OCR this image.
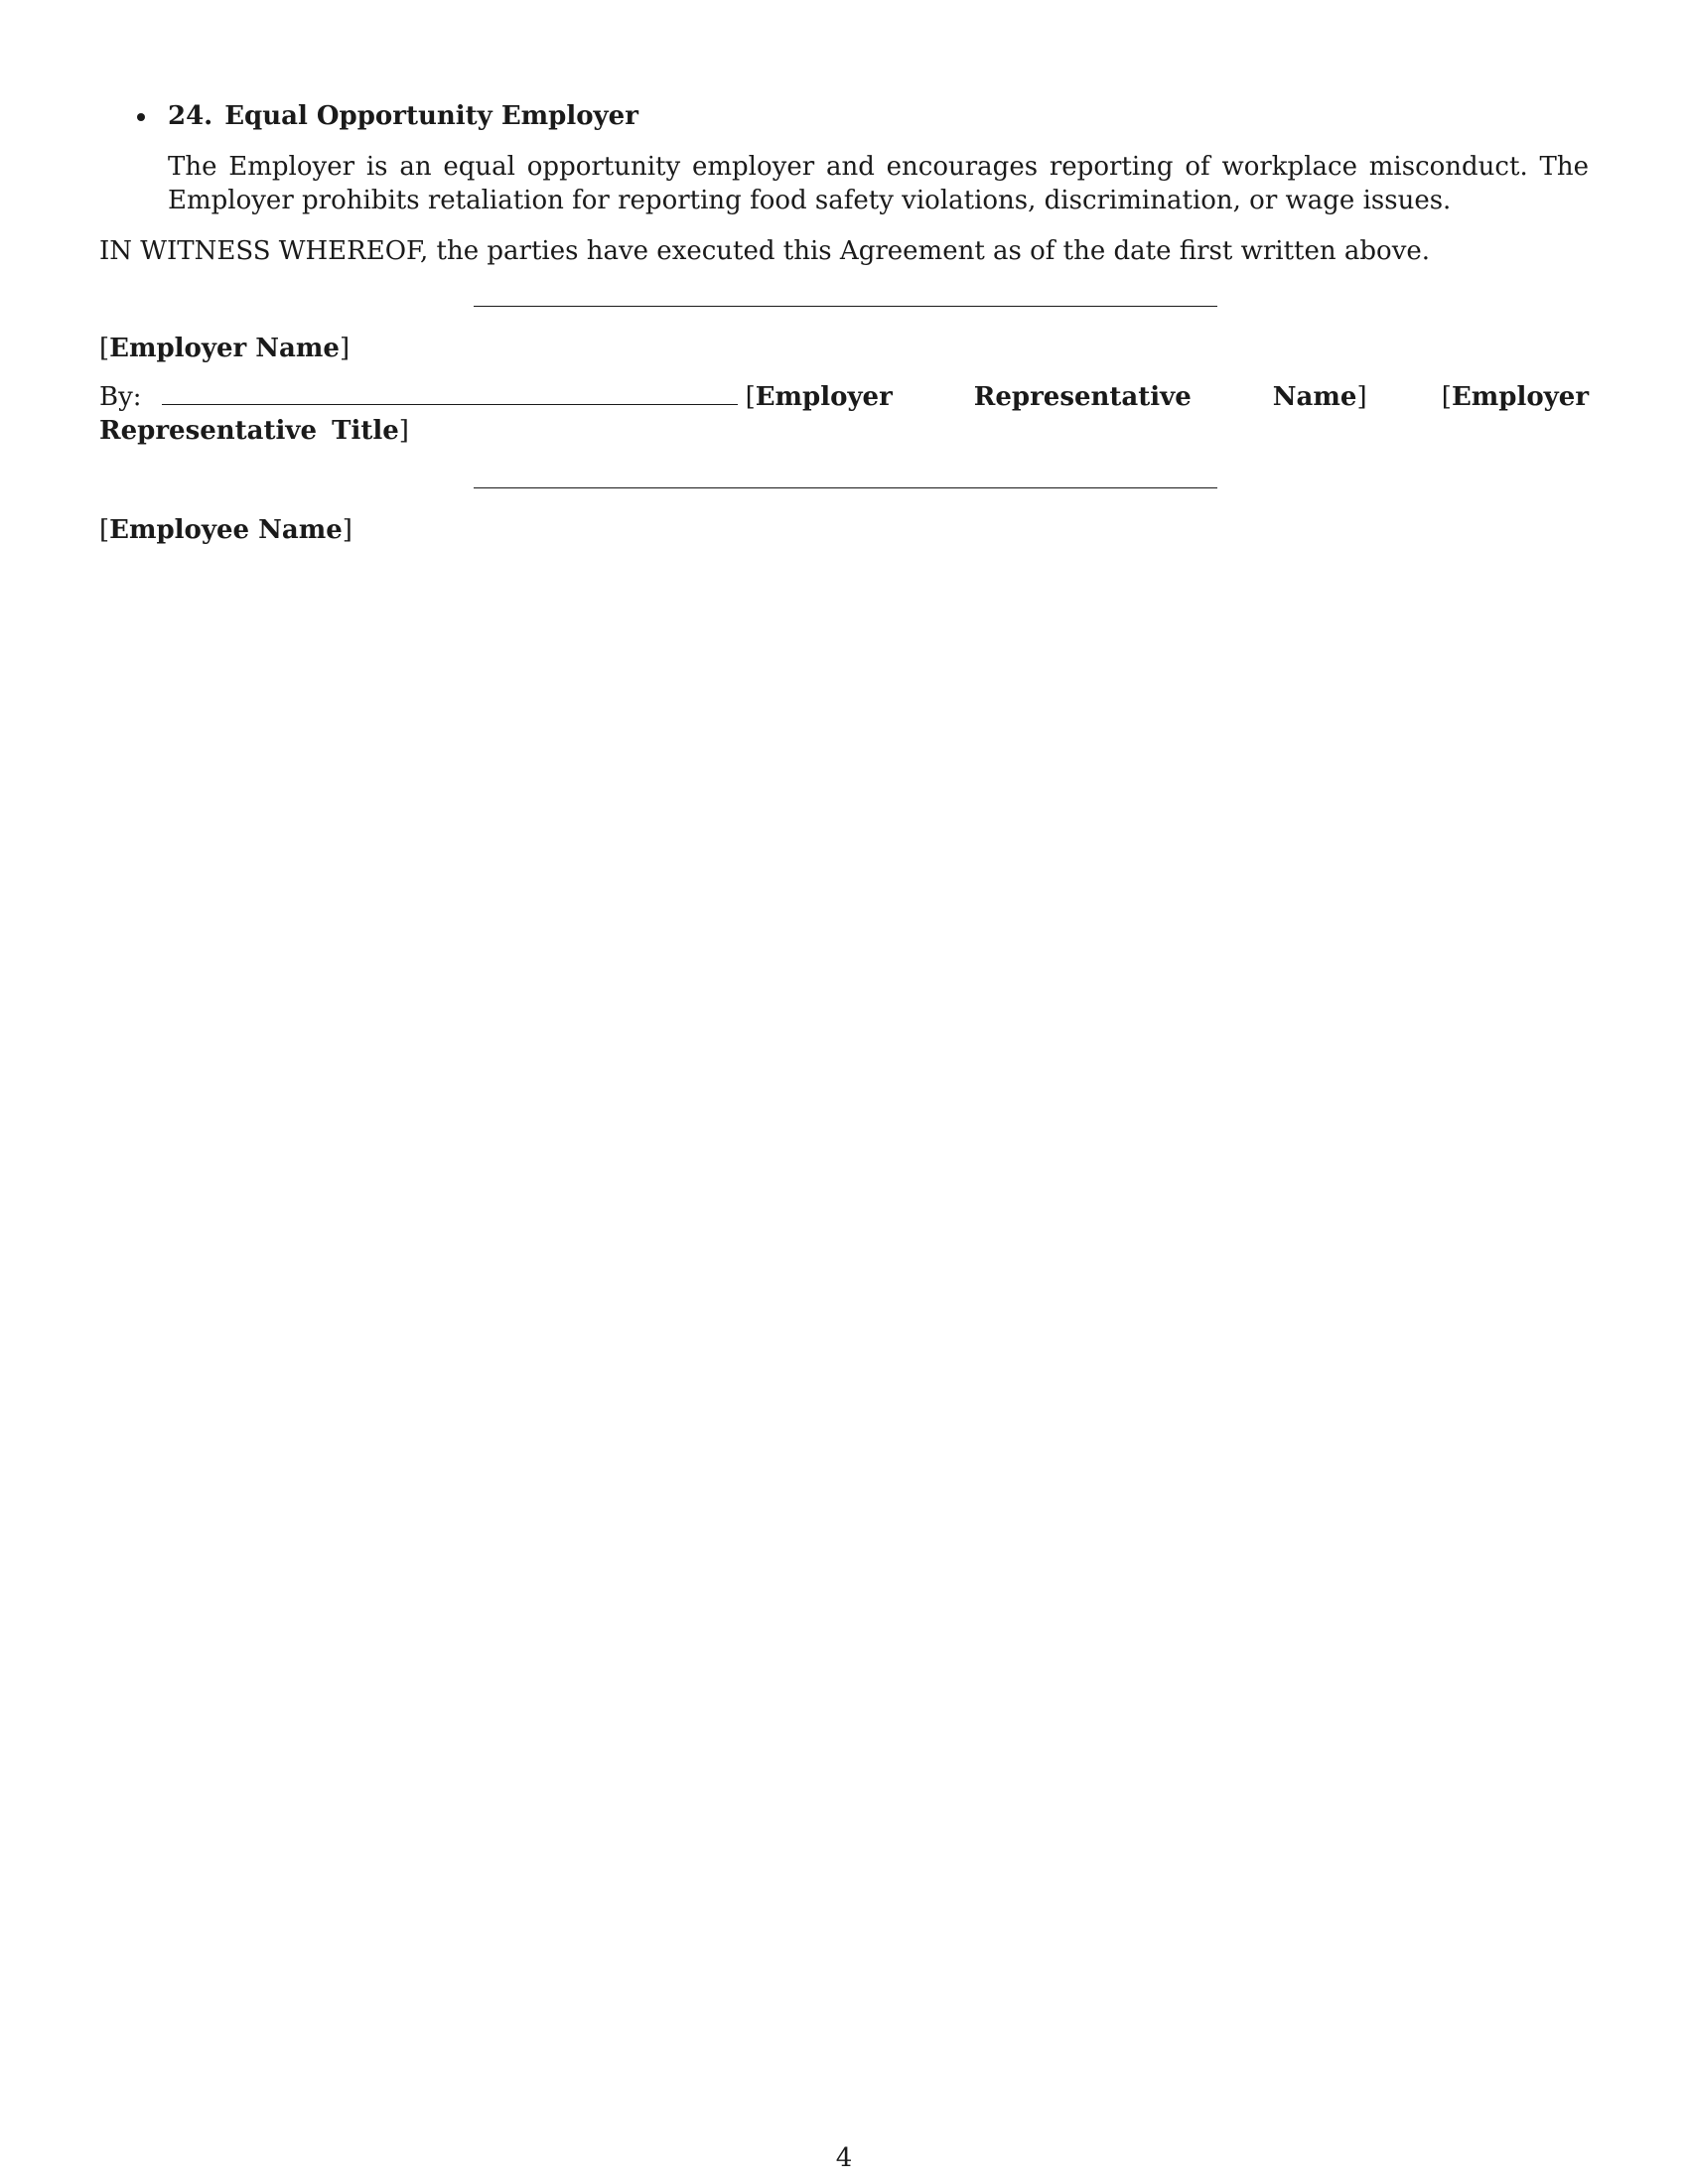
24. Equal Opportunity Employer
The Employer is an equal opportunity employer and encourages reporting of workplace misconduct. The Employer prohibits retaliation for reporting food safety violations, discrimination, or wage issues.
IN WITNESS WHEREOF, the parties have executed this Agreement as of the date first written above.
[Employer Name]
By:	[Employer Representative Name]	[Employer Representative Title]
[Employee Name]
4
